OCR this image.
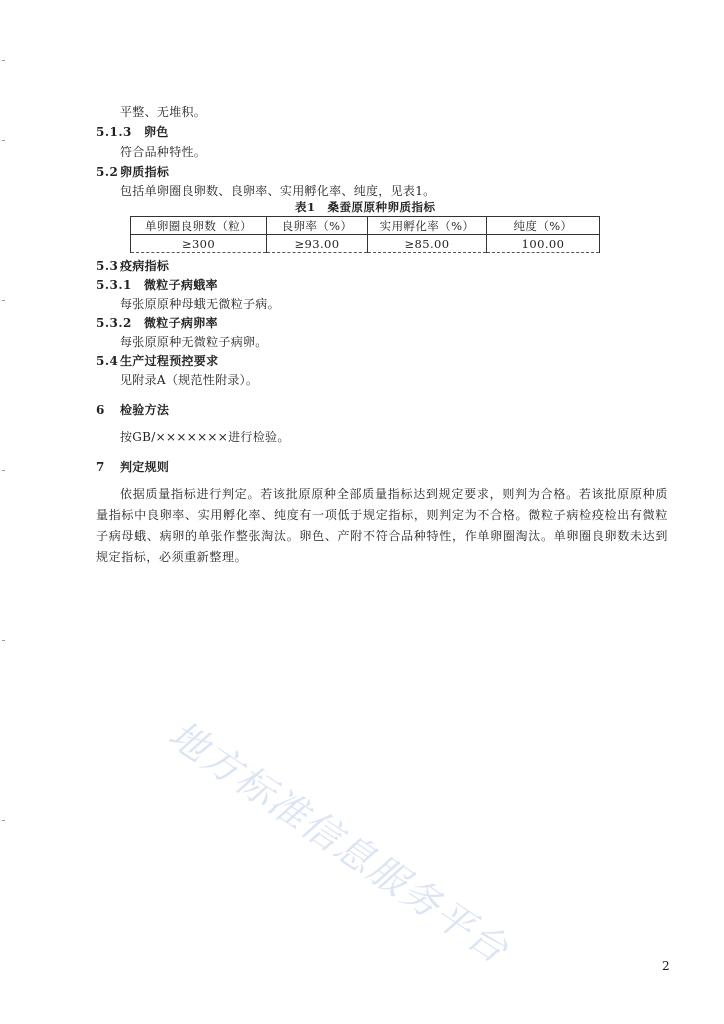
平整、无堆积。
5.1.3 卵色
符合品种特性。
5.2 卵质指标
包括单卵圈良卵数、良卵率、实用孵化率、纯度，见表1。
表1　桑蚕原原种卵质指标
单卵圈良卵数（粒）	良卵率（%）	实用孵化率（%）	纯度（%）
≥300	≥93.00	≥85.00	100.00
5.3 疫病指标
5.3.1 微粒子病蛾率
每张原原种母蛾无微粒子病。
5.3.2 微粒子病卵率
每张原原种无微粒子病卵。
5.4 生产过程预控要求
见附录A（规范性附录）。
6 检验方法
按GB/×××××××进行检验。
7 判定规则
依据质量指标进行判定。若该批原原种全部质量指标达到规定要求，则判为合格。若该批原原种质量指标中良卵率、实用孵化率、纯度有一项低于规定指标，则判定为不合格。微粒子病检疫检出有微粒子病母蛾、病卵的单张作整张淘汰。卵色、产附不符合品种特性，作单卵圈淘汰。单卵圈良卵数未达到规定指标，必须重新整理。
地方标准信息服务平台	2
